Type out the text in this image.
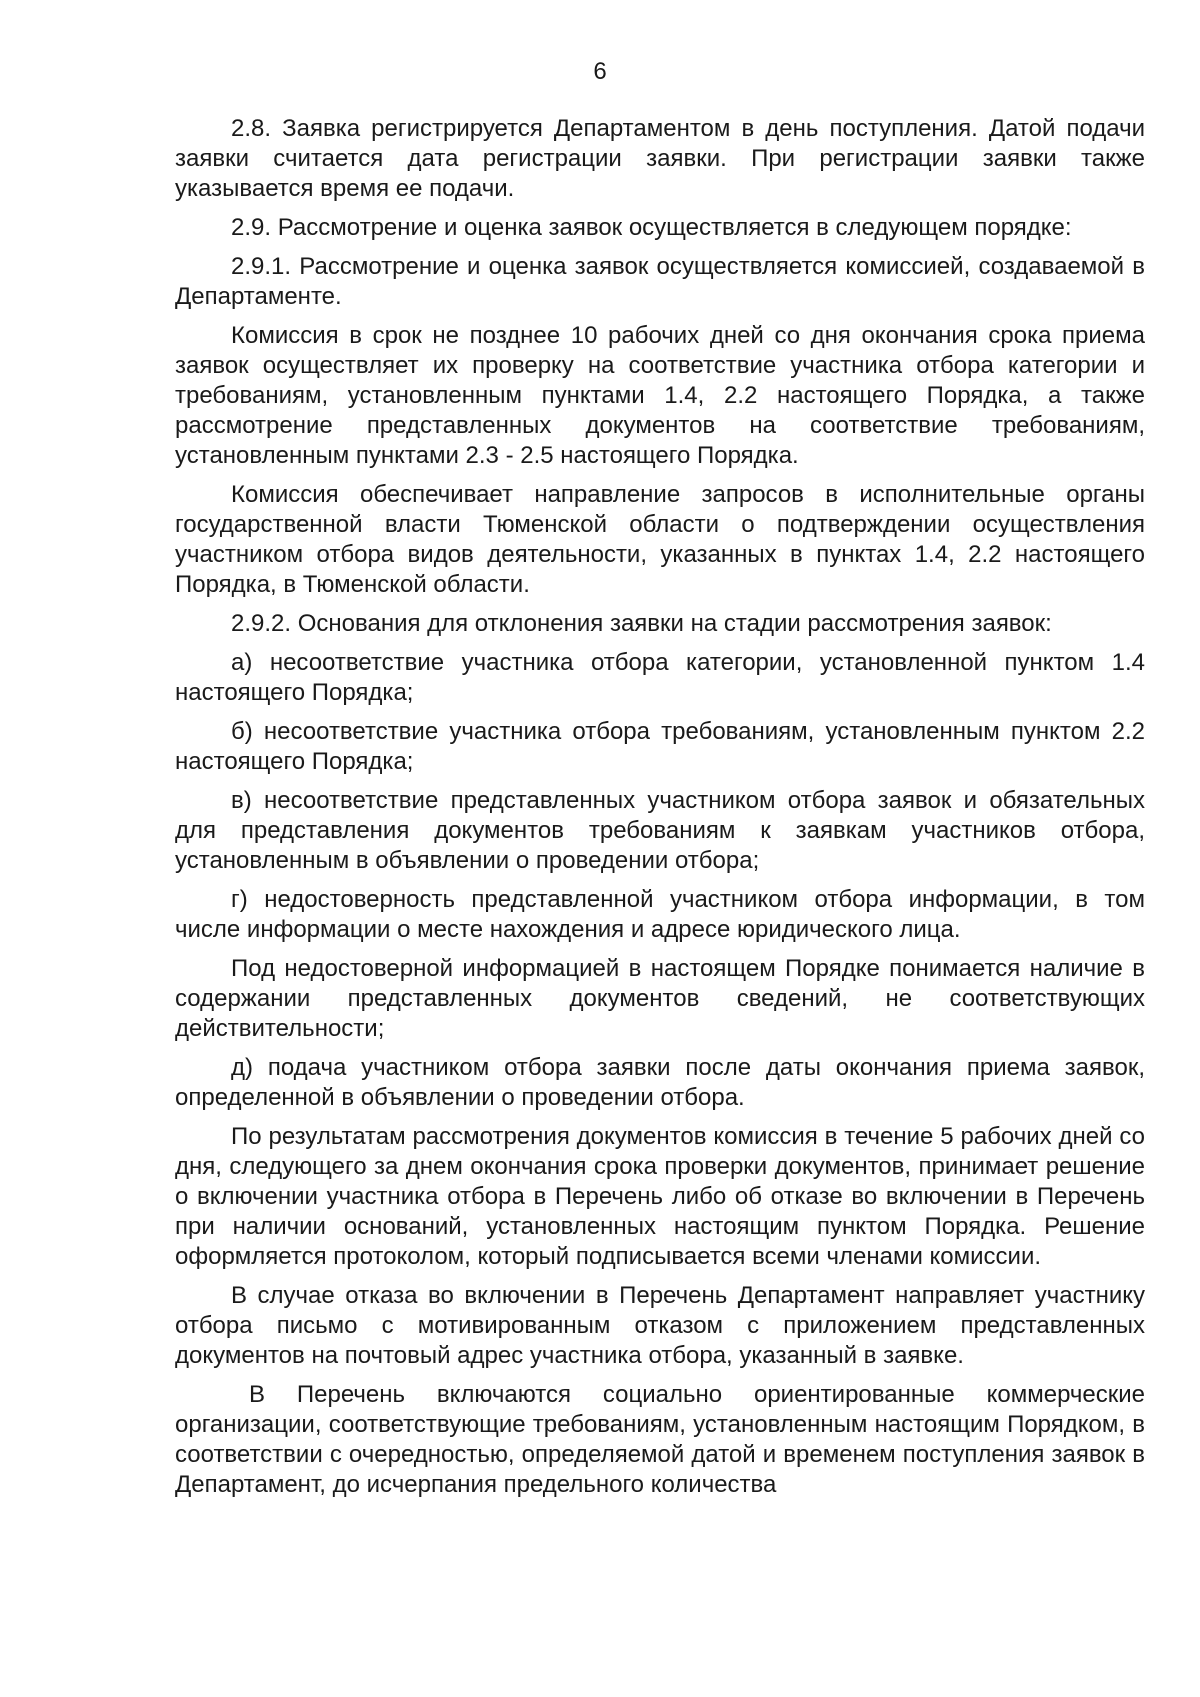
6

2.8. Заявка регистрируется Департаментом в день поступления. Датой подачи заявки считается дата регистрации заявки. При регистрации заявки также указывается время ее подачи.

2.9. Рассмотрение и оценка заявок осуществляется в следующем порядке:

2.9.1. Рассмотрение и оценка заявок осуществляется комиссией, создаваемой в Департаменте.

Комиссия в срок не позднее 10 рабочих дней со дня окончания срока приема заявок осуществляет их проверку на соответствие участника отбора категории и требованиям, установленным пунктами 1.4, 2.2 настоящего Порядка, а также рассмотрение представленных документов на соответствие требованиям, установленным пунктами 2.3 - 2.5 настоящего Порядка.

Комиссия обеспечивает направление запросов в исполнительные органы государственной власти Тюменской области о подтверждении осуществления участником отбора видов деятельности, указанных в пунктах 1.4, 2.2 настоящего Порядка, в Тюменской области.

2.9.2. Основания для отклонения заявки на стадии рассмотрения заявок:

а) несоответствие участника отбора категории, установленной пунктом 1.4 настоящего Порядка;

б) несоответствие участника отбора требованиям, установленным пунктом 2.2 настоящего Порядка;

в) несоответствие представленных участником отбора заявок и обязательных для представления документов требованиям к заявкам участников отбора, установленным в объявлении о проведении отбора;

г) недостоверность представленной участником отбора информации, в том числе информации о месте нахождения и адресе юридического лица.

Под недостоверной информацией в настоящем Порядке понимается наличие в содержании представленных документов сведений, не соответствующих действительности;

д) подача участником отбора заявки после даты окончания приема заявок, определенной в объявлении о проведении отбора.

По результатам рассмотрения документов комиссия в течение 5 рабочих дней со дня, следующего за днем окончания срока проверки документов, принимает решение о включении участника отбора в Перечень либо об отказе во включении в Перечень при наличии оснований, установленных настоящим пунктом Порядка. Решение оформляется протоколом, который подписывается всеми членами комиссии.

В случае отказа во включении в Перечень Департамент направляет участнику отбора письмо с мотивированным отказом с приложением представленных документов на почтовый адрес участника отбора, указанный в заявке.

В Перечень включаются социально ориентированные коммерческие организации, соответствующие требованиям, установленным настоящим Порядком, в соответствии с очередностью, определяемой датой и временем поступления заявок в Департамент, до исчерпания предельного количества
